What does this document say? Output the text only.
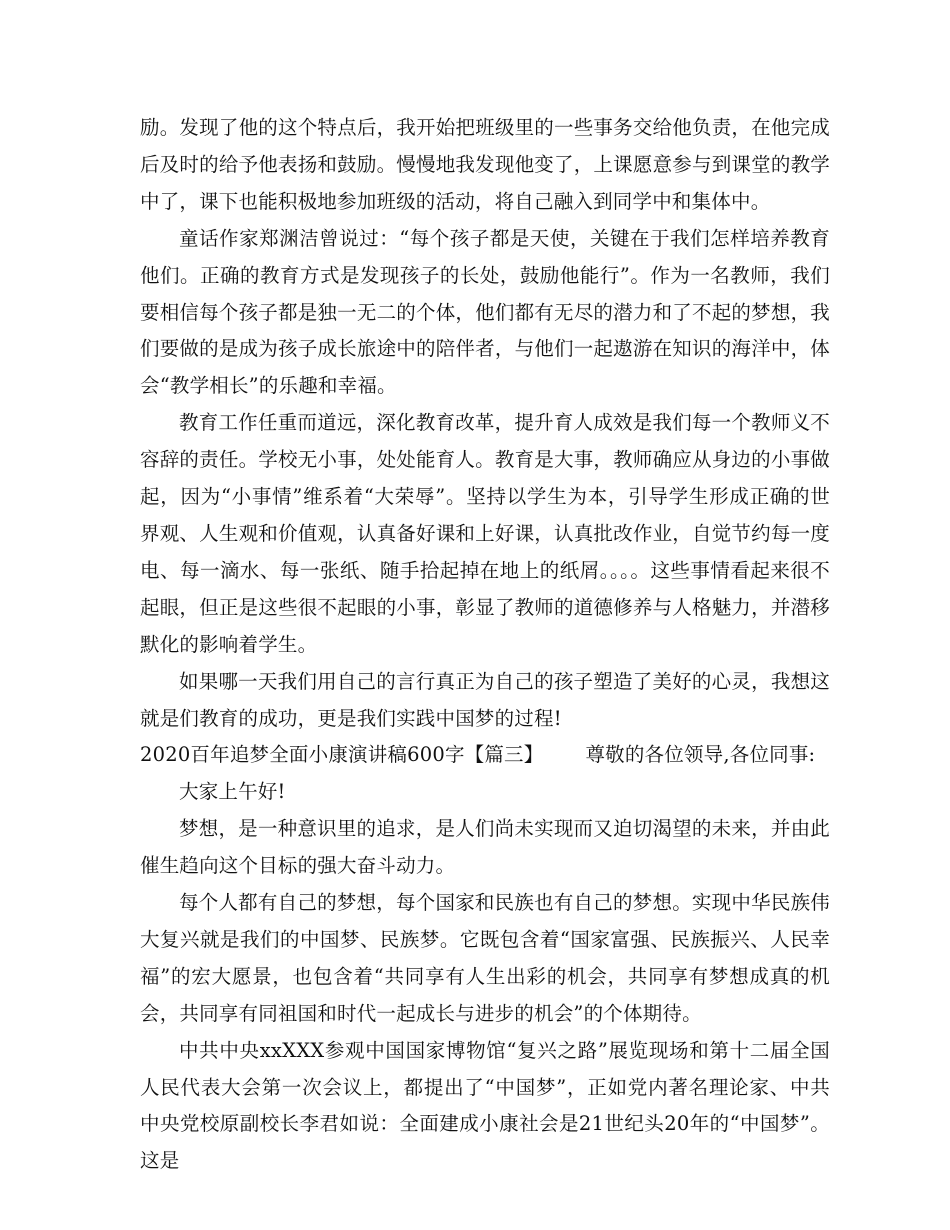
励。发现了他的这个特点后，我开始把班级里的一些事务交给他负责，在他完成后及时的给予他表扬和鼓励。慢慢地我发现他变了，上课愿意参与到课堂的教学中了，课下也能积极地参加班级的活动，将自己融入到同学中和集体中。

童话作家郑渊洁曾说过：“每个孩子都是天使，关键在于我们怎样培养教育他们。正确的教育方式是发现孩子的长处，鼓励他能行”。作为一名教师，我们要相信每个孩子都是独一无二的个体，他们都有无尽的潜力和了不起的梦想，我们要做的是成为孩子成长旅途中的陪伴者，与他们一起遨游在知识的海洋中，体会“教学相长”的乐趣和幸福。

教育工作任重而道远，深化教育改革，提升育人成效是我们每一个教师义不容辞的责任。学校无小事，处处能育人。教育是大事，教师确应从身边的小事做起，因为“小事情”维系着“大荣辱”。坚持以学生为本，引导学生形成正确的世界观、人生观和价值观，认真备好课和上好课，认真批改作业，自觉节约每一度电、每一滴水、每一张纸、随手拾起掉在地上的纸屑。。。。这些事情看起来很不起眼，但正是这些很不起眼的小事，彰显了教师的道德修养与人格魅力，并潜移默化的影响着学生。

如果哪一天我们用自己的言行真正为自己的孩子塑造了美好的心灵，我想这就是们教育的成功，更是我们实践中国梦的过程!

2020百年追梦全面小康演讲稿600字【篇三】 尊敬的各位领导,各位同事:

大家上午好!

梦想，是一种意识里的追求，是人们尚未实现而又迫切渴望的未来，并由此催生趋向这个目标的强大奋斗动力。

每个人都有自己的梦想，每个国家和民族也有自己的梦想。实现中华民族伟大复兴就是我们的中国梦、民族梦。它既包含着“国家富强、民族振兴、人民幸福”的宏大愿景，也包含着“共同享有人生出彩的机会，共同享有梦想成真的机会，共同享有同祖国和时代一起成长与进步的机会”的个体期待。

中共中央xxXXX参观中国国家博物馆“复兴之路”展览现场和第十二届全国人民代表大会第一次会议上，都提出了“中国梦”，正如党内著名理论家、中共中央党校原副校长李君如说：全面建成小康社会是21世纪头20年的“中国梦”。这是
